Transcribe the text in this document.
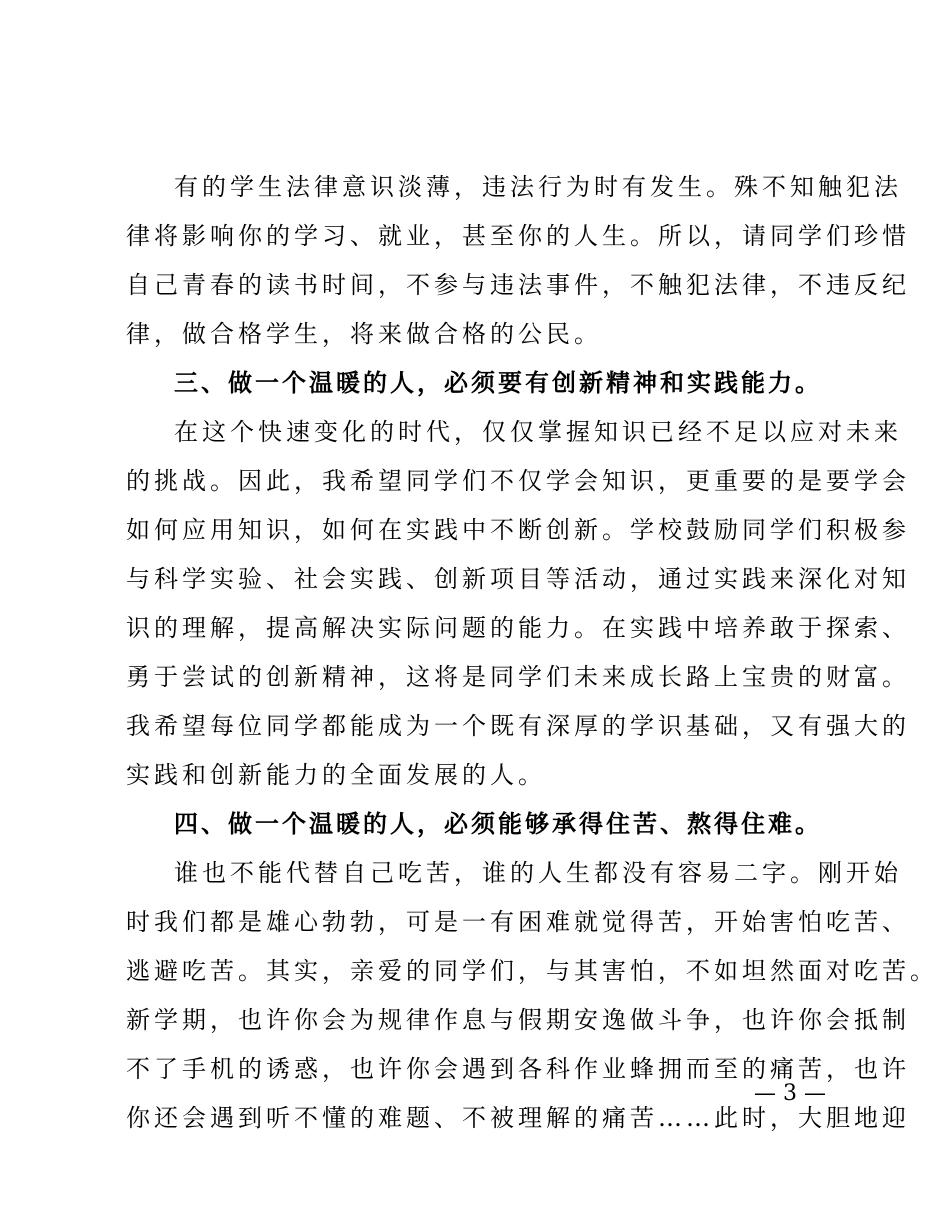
有的学生法律意识淡薄，违法行为时有发生。殊不知触犯法
律将影响你的学习、就业，甚至你的人生。所以，请同学们珍惜
自己青春的读书时间，不参与违法事件，不触犯法律，不违反纪
律，做合格学生，将来做合格的公民。
三、做一个温暖的人，必须要有创新精神和实践能力。
在这个快速变化的时代，仅仅掌握知识已经不足以应对未来
的挑战。因此，我希望同学们不仅学会知识，更重要的是要学会
如何应用知识，如何在实践中不断创新。学校鼓励同学们积极参
与科学实验、社会实践、创新项目等活动，通过实践来深化对知
识的理解，提高解决实际问题的能力。在实践中培养敢于探索、
勇于尝试的创新精神，这将是同学们未来成长路上宝贵的财富。
我希望每位同学都能成为一个既有深厚的学识基础，又有强大的
实践和创新能力的全面发展的人。
四、做一个温暖的人，必须能够承得住苦、熬得住难。
谁也不能代替自己吃苦，谁的人生都没有容易二字。刚开始
时我们都是雄心勃勃，可是一有困难就觉得苦，开始害怕吃苦、
逃避吃苦。其实，亲爱的同学们，与其害怕，不如坦然面对吃苦。
新学期，也许你会为规律作息与假期安逸做斗争，也许你会抵制
不了手机的诱惑，也许你会遇到各科作业蜂拥而至的痛苦，也许
你还会遇到听不懂的难题、不被理解的痛苦……此时，大胆地迎
— 3 —
